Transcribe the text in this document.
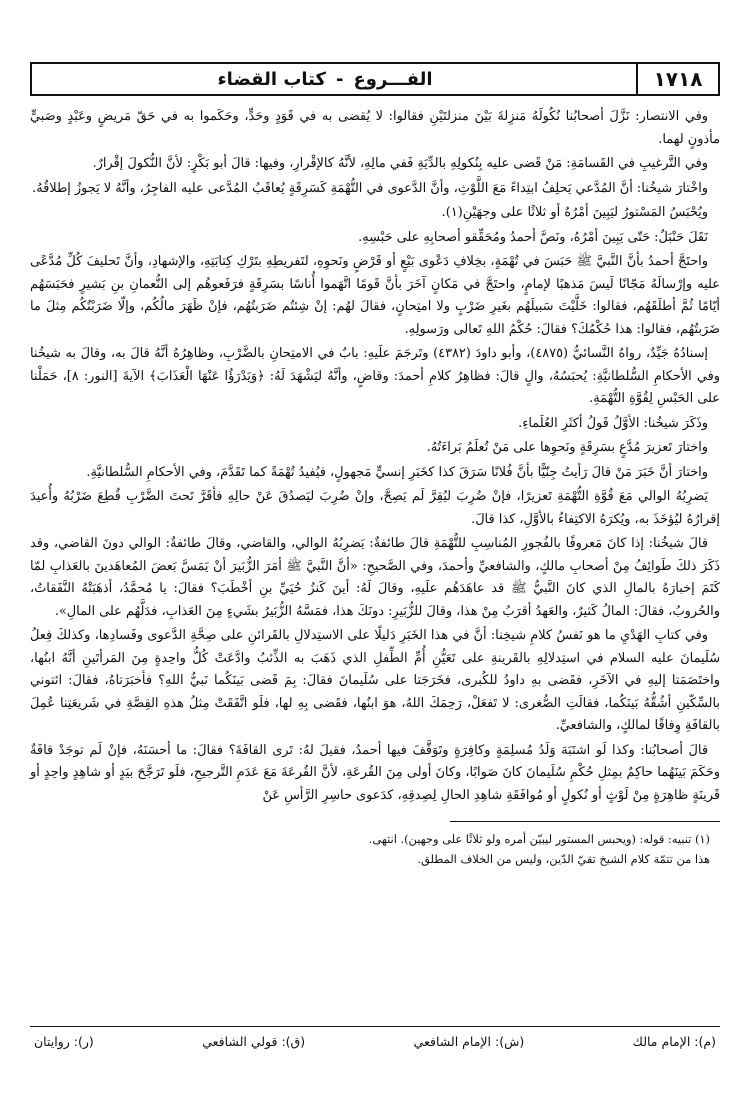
١٧١٨
الفـــروع
-
كتاب القضاء

وفي الانتصار: نَزَّلَ أصحابُنا نُكُولَهُ مَنزِلةَ بَيْنَ منزلتَيْنِ فقالوا: لا يُقضى به في قَوَدٍ وحَدٍّ، وحَكَموا به في حَقّ مَريضٍ وعَبْدٍ وصَبيٍّ مأذونٍ لهما.

وفي التَّرغيبِ في القَسامَةِ: مَنْ قَضى عليه بِنُكولِهِ بالدِّيَةِ فَفي مالِهِ، لأنَّهُ كالإقْرارِ، وفيها: قالَ أبو بَكْرٍ: لأنَّ النُّكولَ إقْرارٌ.

واخْتارَ شيخُنا: أنَّ المُدَّعي يَحلِفُ ابتِداءً مَعَ اللَّوْثِ، وأنَّ الدَّعوى في التُّهْمَةِ كَسَرِقَةٍ يُعاقَبُ المُدَّعى عليه الفاجِرُ، وأنَّهُ لا يَجوزُ إطلاقُهُ.

ويُحْبَسُ المَسْتورُ ليَبِينَ أمْرُهُ أو ثلاثًا على وجهَيْنِ(١).

نَقَلَ حَنْبَلٌ: حَتّى يَبِينَ أمْرُهُ، ونَصَّ أحمدُ ومُحَقِّقو أصحابِهِ على حَبْسِهِ.

واحتَجَّ أحمدُ بأنَّ النَّبيَّ ﷺ حَبَسَ في تُهْمَةٍ، بخِلافِ دَعْوى بَيْعٍ أو قَرْضٍ ونَحوِهِ، لتَفريطِهِ بتَرْكِ كِتابَتِهِ، والإشهادِ، وأنَّ تَحليفَ كُلِّ مُدَّعًى عليه وإرْسالَهُ مَجّانًا لَيسَ مَذهبًا لإمامٍ، واحتَجَّ في مَكانٍ آخَرَ بأنَّ قَومًا اتَّهَموا أُناسًا بسَرِقَةٍ فرَفَعوهُم إلى النُّعمانِ بنِ بَشيرٍ فحَبَسَهُم أيّامًا ثُمَّ أطلَقَهُم، فقالوا: خَلَّيْتَ سَبيلَهُم بغَيرِ ضَرْبٍ ولا امتِحانٍ، فقالَ لهُم: إنْ شِئتُم ضَرَبتُهُم، فإنْ ظَهَرَ مالُكُم، وإلّا ضَرَبْتُكُم مِثلَ ما ضَرَبتُهُم، فقالوا: هذا حُكْمُكَ؟ فقالَ: حُكْمُ اللهِ تَعالى ورَسولِهِ.

إسنادُهُ جَيِّدٌ، رواهُ النَّسائيُّ (٤٨٧٥)، وأبو داودَ (٤٣٨٢) وتَرجَمَ علَيهِ: بابٌ في الامتِحانِ بالضَّرْبِ، وظاهِرُهُ أنَّهُ قالَ به، وقالَ به شيخُنا وفي الأحكامِ السُّلطانيَّةِ: يُحبَسُهُ، والٍ قالَ: فظاهِرُ كلامِ أحمدَ: وقاضٍ، وأنَّهُ ليَشْهَدَ لَهُ: ﴿وَيَدْرَؤُا عَنْهَا الْعَذَابَ﴾ الآيةَ [النور: ٨]، حَمَلْنا على الحَبْسِ لِقُوَّةِ التُّهْمَةِ.

وذَكَرَ شيخُنا: الأوَّلُ قَولُ أكثَرِ العُلَماءِ.

واختارَ تَعزيرَ مُدَّعٍ بسَرِقَةٍ ونَحوِها على مَنْ تُعلَمُ بَراءَتُهُ.

واختارَ أنَّ خَبَرَ مَنْ قالَ رَأيتُ جِنّيًّا بأنَّ فُلانًا سَرَقَ كذا كخَبَرِ إنسيٍّ مَجهولٍ، فيُفيدُ تُهْمَةً كما تَقَدَّمَ، وفي الأحكامِ السُّلطانيَّةِ.

يَضرِبُهُ الوالي مَعَ قُوَّةِ التُّهْمَةِ تَعزيرًا، فإنْ ضُرِبَ ليُقِرَّ لَم يَصِحَّ، وإنْ ضُرِبَ ليَصدُقَ عَنْ حالِهِ فأقَرَّ تَحتَ الضَّرْبِ قُطِعَ ضَرْبُهُ وأُعيدَ إقرارُهُ ليُؤخَذَ به، ويُكرَهُ الاكتِفاءُ بالأوَّلِ، كذا قالَ.

قالَ شيخُنا: إذا كانَ مَعروفًا بالفُجورِ المُناسِبِ للتُّهْمَةِ قالَ طائفةٌ: يَضرِبُهُ الوالي، والقاضي، وقالَ طائفةٌ: الوالي دونَ القاضي، وقد ذَكَرَ ذلكَ طَوائِفُ مِنْ أصحابِ مالكٍ، والشافعيِّ وأحمدَ، وفي الصَّحيحِ: «أنَّ النَّبيَّ ﷺ أمَرَ الزُّبَيرَ أنْ يَمَسَّ بَعضَ المُعاهَدينَ بالعَذابِ لمّا كَتَمَ إخبارَهُ بالمالِ الذي كانَ النَّبيُّ ﷺ قد عاهَدَهُم علَيهِ، وقالَ لَهُ: أينَ كَنزُ حُيَيِّ بنِ أخْطَبَ؟ فقالَ: يا مُحمَّدُ، أذهَبَتْهُ النَّفَقاتُ، والحُروبُ، فقالَ: المالُ كَثيرٌ، والعَهدُ أقرَبُ مِنْ هذا، وقالَ للزُّبَيرِ: دونَكَ هذا، فمَسَّهُ الزُّبَيرُ بشَيءٍ مِنَ العَذابِ، فدَلَّهُم على المالِ».

وفي كتابِ الهَدْيِ ما هو نَفسُ كلامِ شيخِنا: أنَّ في هذا الخَبَرِ دَليلًا على الاستِدلالِ بالقَرائنِ على صِحَّةِ الدَّعوى وفَسادِها، وكذلكَ فِعلُ سُلَيمانَ عليه السلام في استِدلالِهِ بالقَرينةِ على تَعَيُّنِ أُمِّ الطِّفلِ الذي ذَهَبَ به الذِّئبُ وادَّعَتْ كُلُّ واحِدةٍ مِنَ المَرأتَينِ أنَّهُ ابنُها، واختَصَمَتا إليهِ في الآخَرِ، فقَضى بهِ داودُ للكُبرى، فخَرَجَتا على سُلَيمانَ فقالَ: بِمَ قَضى بَينَكُما نَبيُّ اللهِ؟ فأخبَرَتاهُ، فقالَ: ائتوني بالسِّكّينِ أشُقُّهُ بَينَكُما، فقالَتِ الصُّغرى: لا تَفعَلْ، رَحِمَكَ اللهُ، هوَ ابنُها، فقَضى بِهِ لها، فلَو اتَّفَقَتْ مِثلُ هذهِ القِصَّةِ في شَريعَتِنا عُمِلَ بالقافَةِ وِفاقًا لمالكٍ، والشافعيِّ.

قالَ أصحابُنا: وكذا لَو اشتَبَهَ وَلَدُ مُسلِمَةٍ وكافِرَةٍ وتَوَقَّفَ فيها أحمدُ، فقيلَ لهُ: تَرى القافَةَ؟ فقالَ: ما أحسَنَهُ، فإنْ لَم توجَدْ قافَةٌ وحَكَمَ بَينَهُما حاكِمٌ بمِثلِ حُكْمِ سُلَيمانَ كانَ صَوابًا، وكانَ أولى مِنَ القُرعَةِ، لأنَّ القُرعَةَ مَعَ عَدَمِ التَّرجيحِ، فلَو تَرَجَّحَ بيَدٍ أو شاهِدٍ واحِدٍ أو قَرينَةٍ ظاهِرَةٍ مِنْ لَوْثٍ أو نُكولٍ أو مُوافَقَةِ شاهِدِ الحالِ لِصِدقِهِ، كدَعوى حاسِرِ الرَّأسِ عَنْ

(١) تنبيه: قوله: (ويحبس المستور ليبيّن أمره ولو ثلاثًا على وجهين). انتهى.

هذا من تتمّة كلام الشيخ تقيّ الدّين، وليس من الخلاف المطلق.

(م): الإمام مالك
(ش): الإمام الشافعي
(ق): قولي الشافعي
(ر): روايتان
